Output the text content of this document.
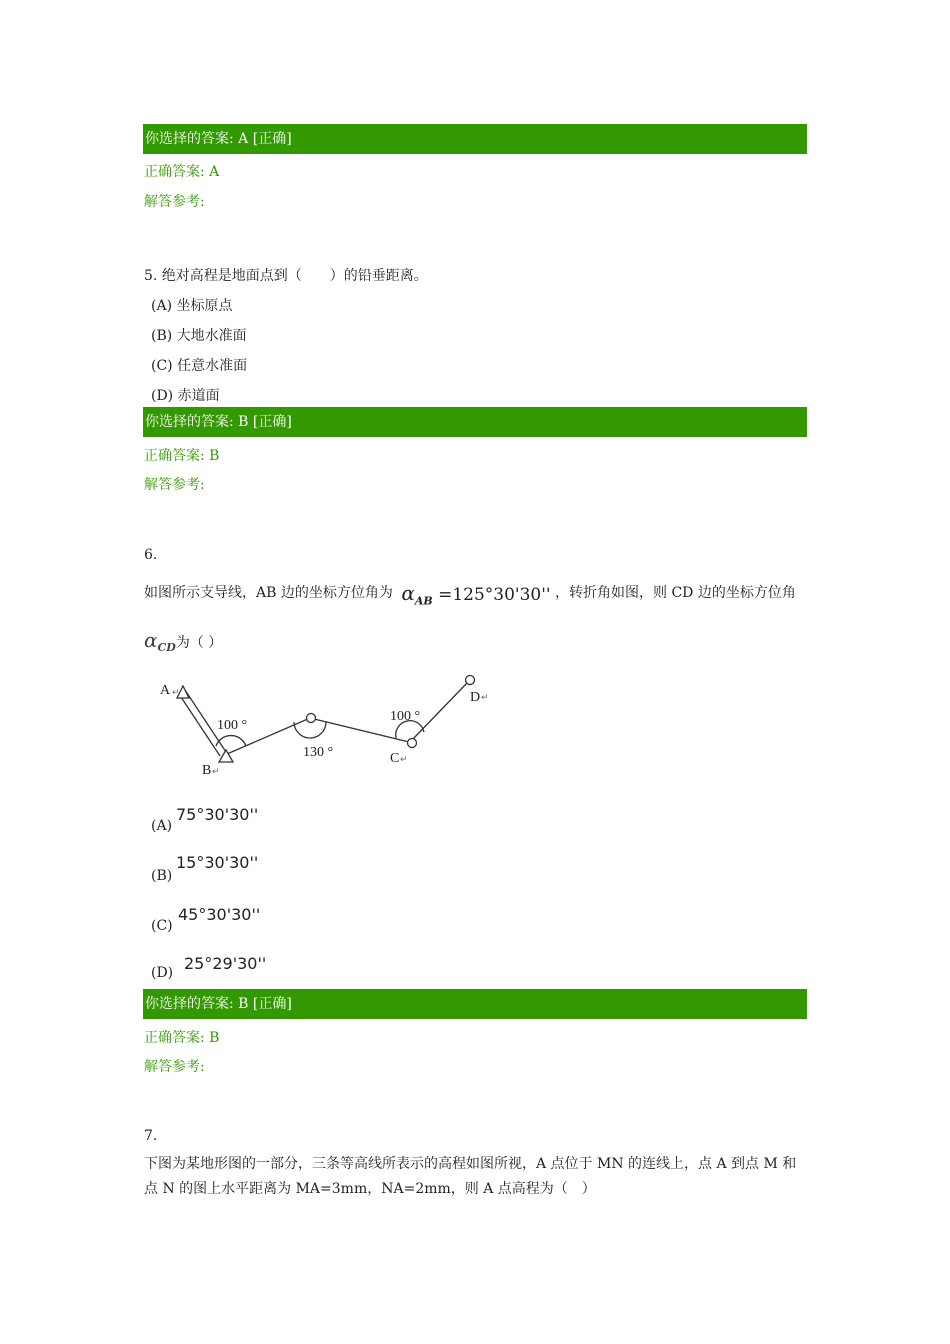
你选择的答案: A [正确]
正确答案: A
解答参考:
5. 绝对高程是地面点到（　　）的铅垂距离。
(A) 坐标原点
(B) 大地水准面
(C) 任意水准面
(D) 赤道面
你选择的答案: B [正确]
正确答案: B
解答参考:
6.
如图所示支导线，AB 边的坐标方位角为 $\alpha_{AB} =125^\circ 30'30''$ ，转折角如图，则 CD 边的坐标方位角
$\alpha_{CD}$为（ ）
A ↵
B ↵
C ↵
D ↵
100 °
130 °
100 °
(A)
75°30'30''
(B)
15°30'30''
(C)
45°30'30''
(D) 25°29'30''
你选择的答案: B [正确]
正确答案: B
解答参考:
7.
下图为某地形图的一部分，三条等高线所表示的高程如图所视，A 点位于 MN 的连线上，点 A 到点 M 和
点 N 的图上水平距离为 MA=3mm，NA=2mm，则 A 点高程为（　）
